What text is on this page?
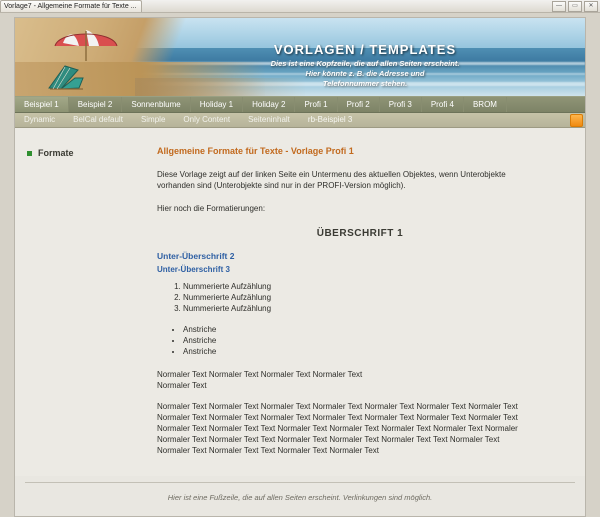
Vorlage7 - Allgemeine Formate für Texte ...	—	▭	✕
VORLAGEN / TEMPLATES
Dies ist eine Kopfzeile, die auf allen Seiten erscheint.
Hier könnte z. B. die Adresse und
Telefonnummer stehen.
Beispiel 1	Beispiel 2	Sonnenblume	Holiday 1	Holiday 2	Profi 1	Profi 2	Profi 3	Profi 4	BROM
Dynamic	BelCal default	Simple	Only Content	Seiteninhalt	rb-Beispiel 3
Formate	Allgemeine Formate für Texte - Vorlage Profi 1
Diese Vorlage zeigt auf der linken Seite ein Untermenu des aktuellen Objektes, wenn Unterobjekte
vorhanden sind (Unterobjekte sind nur in der PROFI-Version möglich).
Hier noch die Formatierungen:
ÜBERSCHRIFT 1
Unter-Überschrift 2
Unter-Überschrift 3
1. Nummerierte Aufzählung
2. Nummerierte Aufzählung
3. Nummerierte Aufzählung
• Anstriche
• Anstriche
• Anstriche
Normaler Text Normaler Text Normaler Text Normaler Text
Normaler Text
Normaler Text Normaler Text Normaler Text Normaler Text Normaler Text Normaler Text Normaler Text
Normaler Text Normaler Text Normaler Text Normaler Text Normaler Text Normaler Text Normaler Text
Normaler Text Normaler Text Text Normaler Text Normaler Text Normaler Text Normaler Text Normaler
Normaler Text Normaler Text Text Normaler Text Normaler Text Normaler Text Text Normaler Text
Normaler Text Normaler Text Text Normaler Text Normaler Text
Hier ist eine Fußzeile, die auf allen Seiten erscheint. Verlinkungen sind möglich.
